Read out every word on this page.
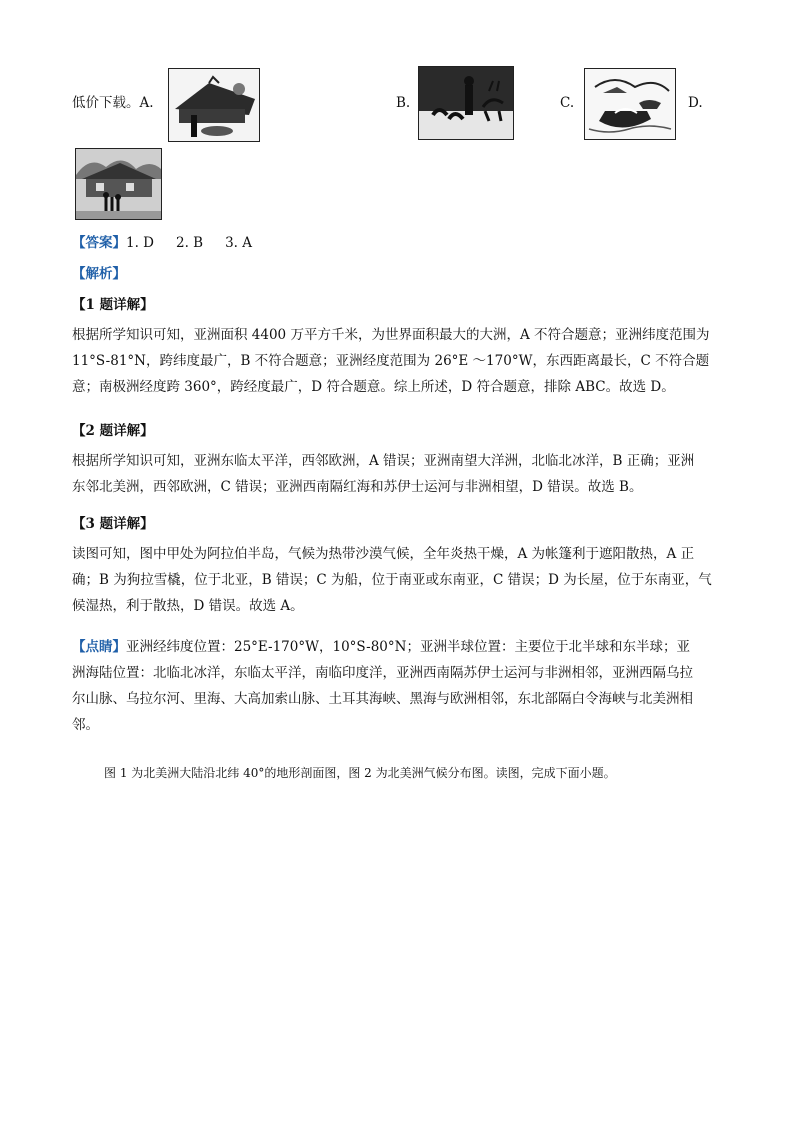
低价下载。A.	B.	C.	D.
【答案】1. D 2. B 3. A
【解析】
【1 题详解】
根据所学知识可知，亚洲面积 4400 万平方千米，为世界面积最大的大洲，A 不符合题意；亚洲纬度范围为
11°S-81°N，跨纬度最广，B 不符合题意；亚洲经度范围为 26°E ～170°W，东西距离最长，C 不符合题
意；南极洲经度跨 360°，跨经度最广，D 符合题意。综上所述，D 符合题意，排除 ABC。故选 D。
【2 题详解】
根据所学知识可知，亚洲东临太平洋，西邻欧洲，A 错误；亚洲南望大洋洲，北临北冰洋，B 正确；亚洲
东邻北美洲，西邻欧洲，C 错误；亚洲西南隔红海和苏伊士运河与非洲相望，D 错误。故选 B。
【3 题详解】
读图可知，图中甲处为阿拉伯半岛，气候为热带沙漠气候，全年炎热干燥，A 为帐篷利于遮阳散热，A 正
确；B 为狗拉雪橇，位于北亚，B 错误；C 为船，位于南亚或东南亚，C 错误；D 为长屋，位于东南亚，气
候湿热，利于散热，D 错误。故选 A。
【点睛】亚洲经纬度位置：25°E-170°W，10°S-80°N；亚洲半球位置：主要位于北半球和东半球；亚
洲海陆位置：北临北冰洋，东临太平洋，南临印度洋，亚洲西南隔苏伊士运河与非洲相邻，亚洲西隔乌拉
尔山脉、乌拉尔河、里海、大高加索山脉、土耳其海峡、黑海与欧洲相邻，东北部隔白令海峡与北美洲相
邻。
图 1 为北美洲大陆沿北纬 40°的地形剖面图，图 2 为北美洲气候分布图。读图，完成下面小题。
